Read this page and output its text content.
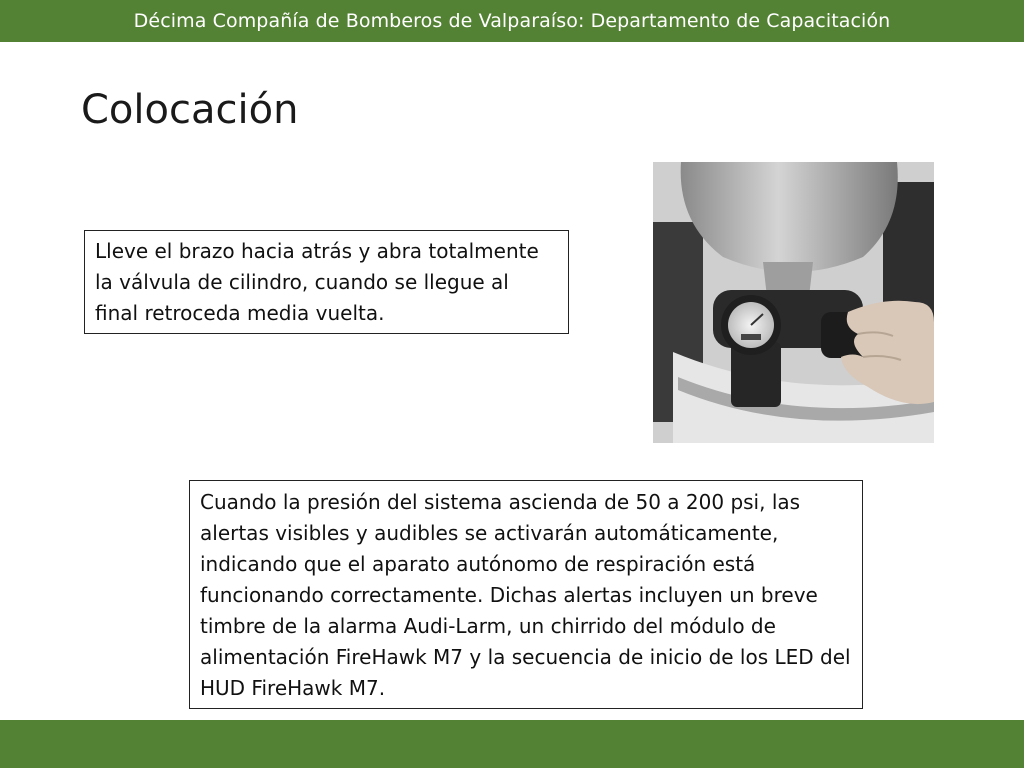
Décima Compañía de Bomberos de Valparaíso: Departamento de Capacitación
Colocación
Lleve el brazo hacia atrás y abra totalmente la válvula de cilindro, cuando se llegue al final retroceda media vuelta.
Cuando la presión del sistema ascienda de 50 a 200 psi, las alertas visibles y audibles se activarán automáticamente, indicando que el aparato autónomo de respiración está funcionando correctamente. Dichas alertas incluyen un breve timbre de la alarma Audi-Larm, un chirrido del módulo de alimentación FireHawk M7 y la secuencia de inicio de los LED del HUD FireHawk M7.
